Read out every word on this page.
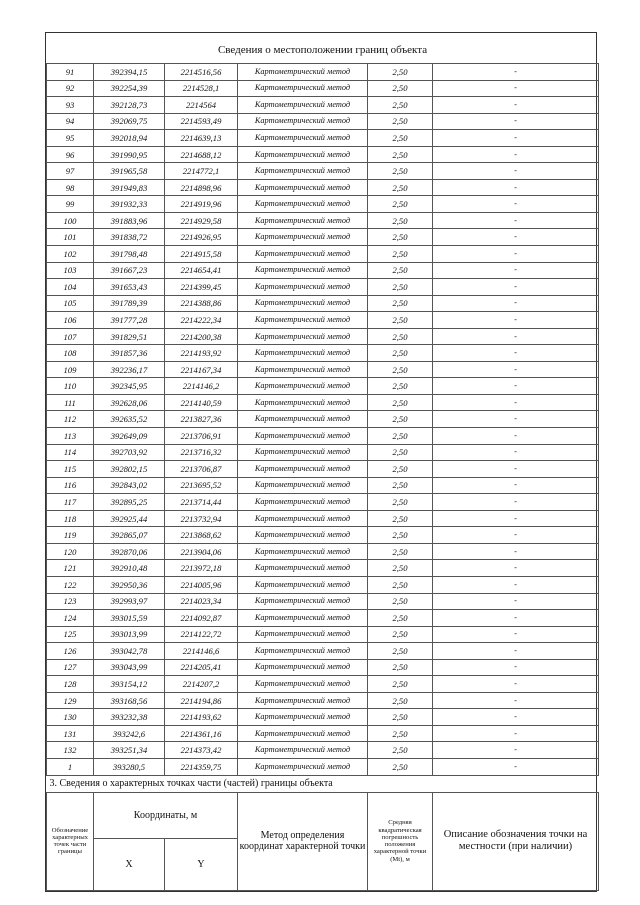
Сведения о местоположении границ объекта					
91	392394,15	2214516,56	Картометрический метод	2,50	-
92	392254,39	2214528,1	Картометрический метод	2,50	-
93	392128,73	2214564	Картометрический метод	2,50	-
94	392069,75	2214593,49	Картометрический метод	2,50	-
95	392018,94	2214639,13	Картометрический метод	2,50	-
96	391990,95	2214688,12	Картометрический метод	2,50	-
97	391965,58	2214772,1	Картометрический метод	2,50	-
98	391949,83	2214898,96	Картометрический метод	2,50	-
99	391932,33	2214919,96	Картометрический метод	2,50	-
100	391883,96	2214929,58	Картометрический метод	2,50	-
101	391838,72	2214926,95	Картометрический метод	2,50	-
102	391798,48	2214915,58	Картометрический метод	2,50	-
103	391667,23	2214654,41	Картометрический метод	2,50	-
104	391653,43	2214399,45	Картометрический метод	2,50	-
105	391789,39	2214388,86	Картометрический метод	2,50	-
106	391777,28	2214222,34	Картометрический метод	2,50	-
107	391829,51	2214200,38	Картометрический метод	2,50	-
108	391857,36	2214193,92	Картометрический метод	2,50	-
109	392236,17	2214167,34	Картометрический метод	2,50	-
110	392345,95	2214146,2	Картометрический метод	2,50	-
111	392628,06	2214140,59	Картометрический метод	2,50	-
112	392635,52	2213827,36	Картометрический метод	2,50	-
113	392649,09	2213706,91	Картометрический метод	2,50	-
114	392703,92	2213716,32	Картометрический метод	2,50	-
115	392802,15	2213706,87	Картометрический метод	2,50	-
116	392843,02	2213695,52	Картометрический метод	2,50	-
117	392895,25	2213714,44	Картометрический метод	2,50	-
118	392925,44	2213732,94	Картометрический метод	2,50	-
119	392865,07	2213868,62	Картометрический метод	2,50	-
120	392870,06	2213904,06	Картометрический метод	2,50	-
121	392910,48	2213972,18	Картометрический метод	2,50	-
122	392950,36	2214005,96	Картометрический метод	2,50	-
123	392993,97	2214023,34	Картометрический метод	2,50	-
124	393015,59	2214092,87	Картометрический метод	2,50	-
125	393013,99	2214122,72	Картометрический метод	2,50	-
126	393042,78	2214146,6	Картометрический метод	2,50	-
127	393043,99	2214205,41	Картометрический метод	2,50	-
128	393154,12	2214207,2	Картометрический метод	2,50	-
129	393168,56	2214194,86	Картометрический метод	2,50	-
130	393232,38	2214193,62	Картометрический метод	2,50	-
131	393242,6	2214361,16	Картометрический метод	2,50	-
132	393251,34	2214373,42	Картометрический метод	2,50	-
1	393280,5	2214359,75	Картометрический метод	2,50	-
3. Сведения о характерных точках части (частей) границы объекта					
Обозначение характерных точек части границы	Координаты, м		Метод определения координат характерной точки	Средняя квадратическая погрешность положения характерной точки (Mt), м	Описание обозначения точки на местности (при наличии)
	X	Y			
